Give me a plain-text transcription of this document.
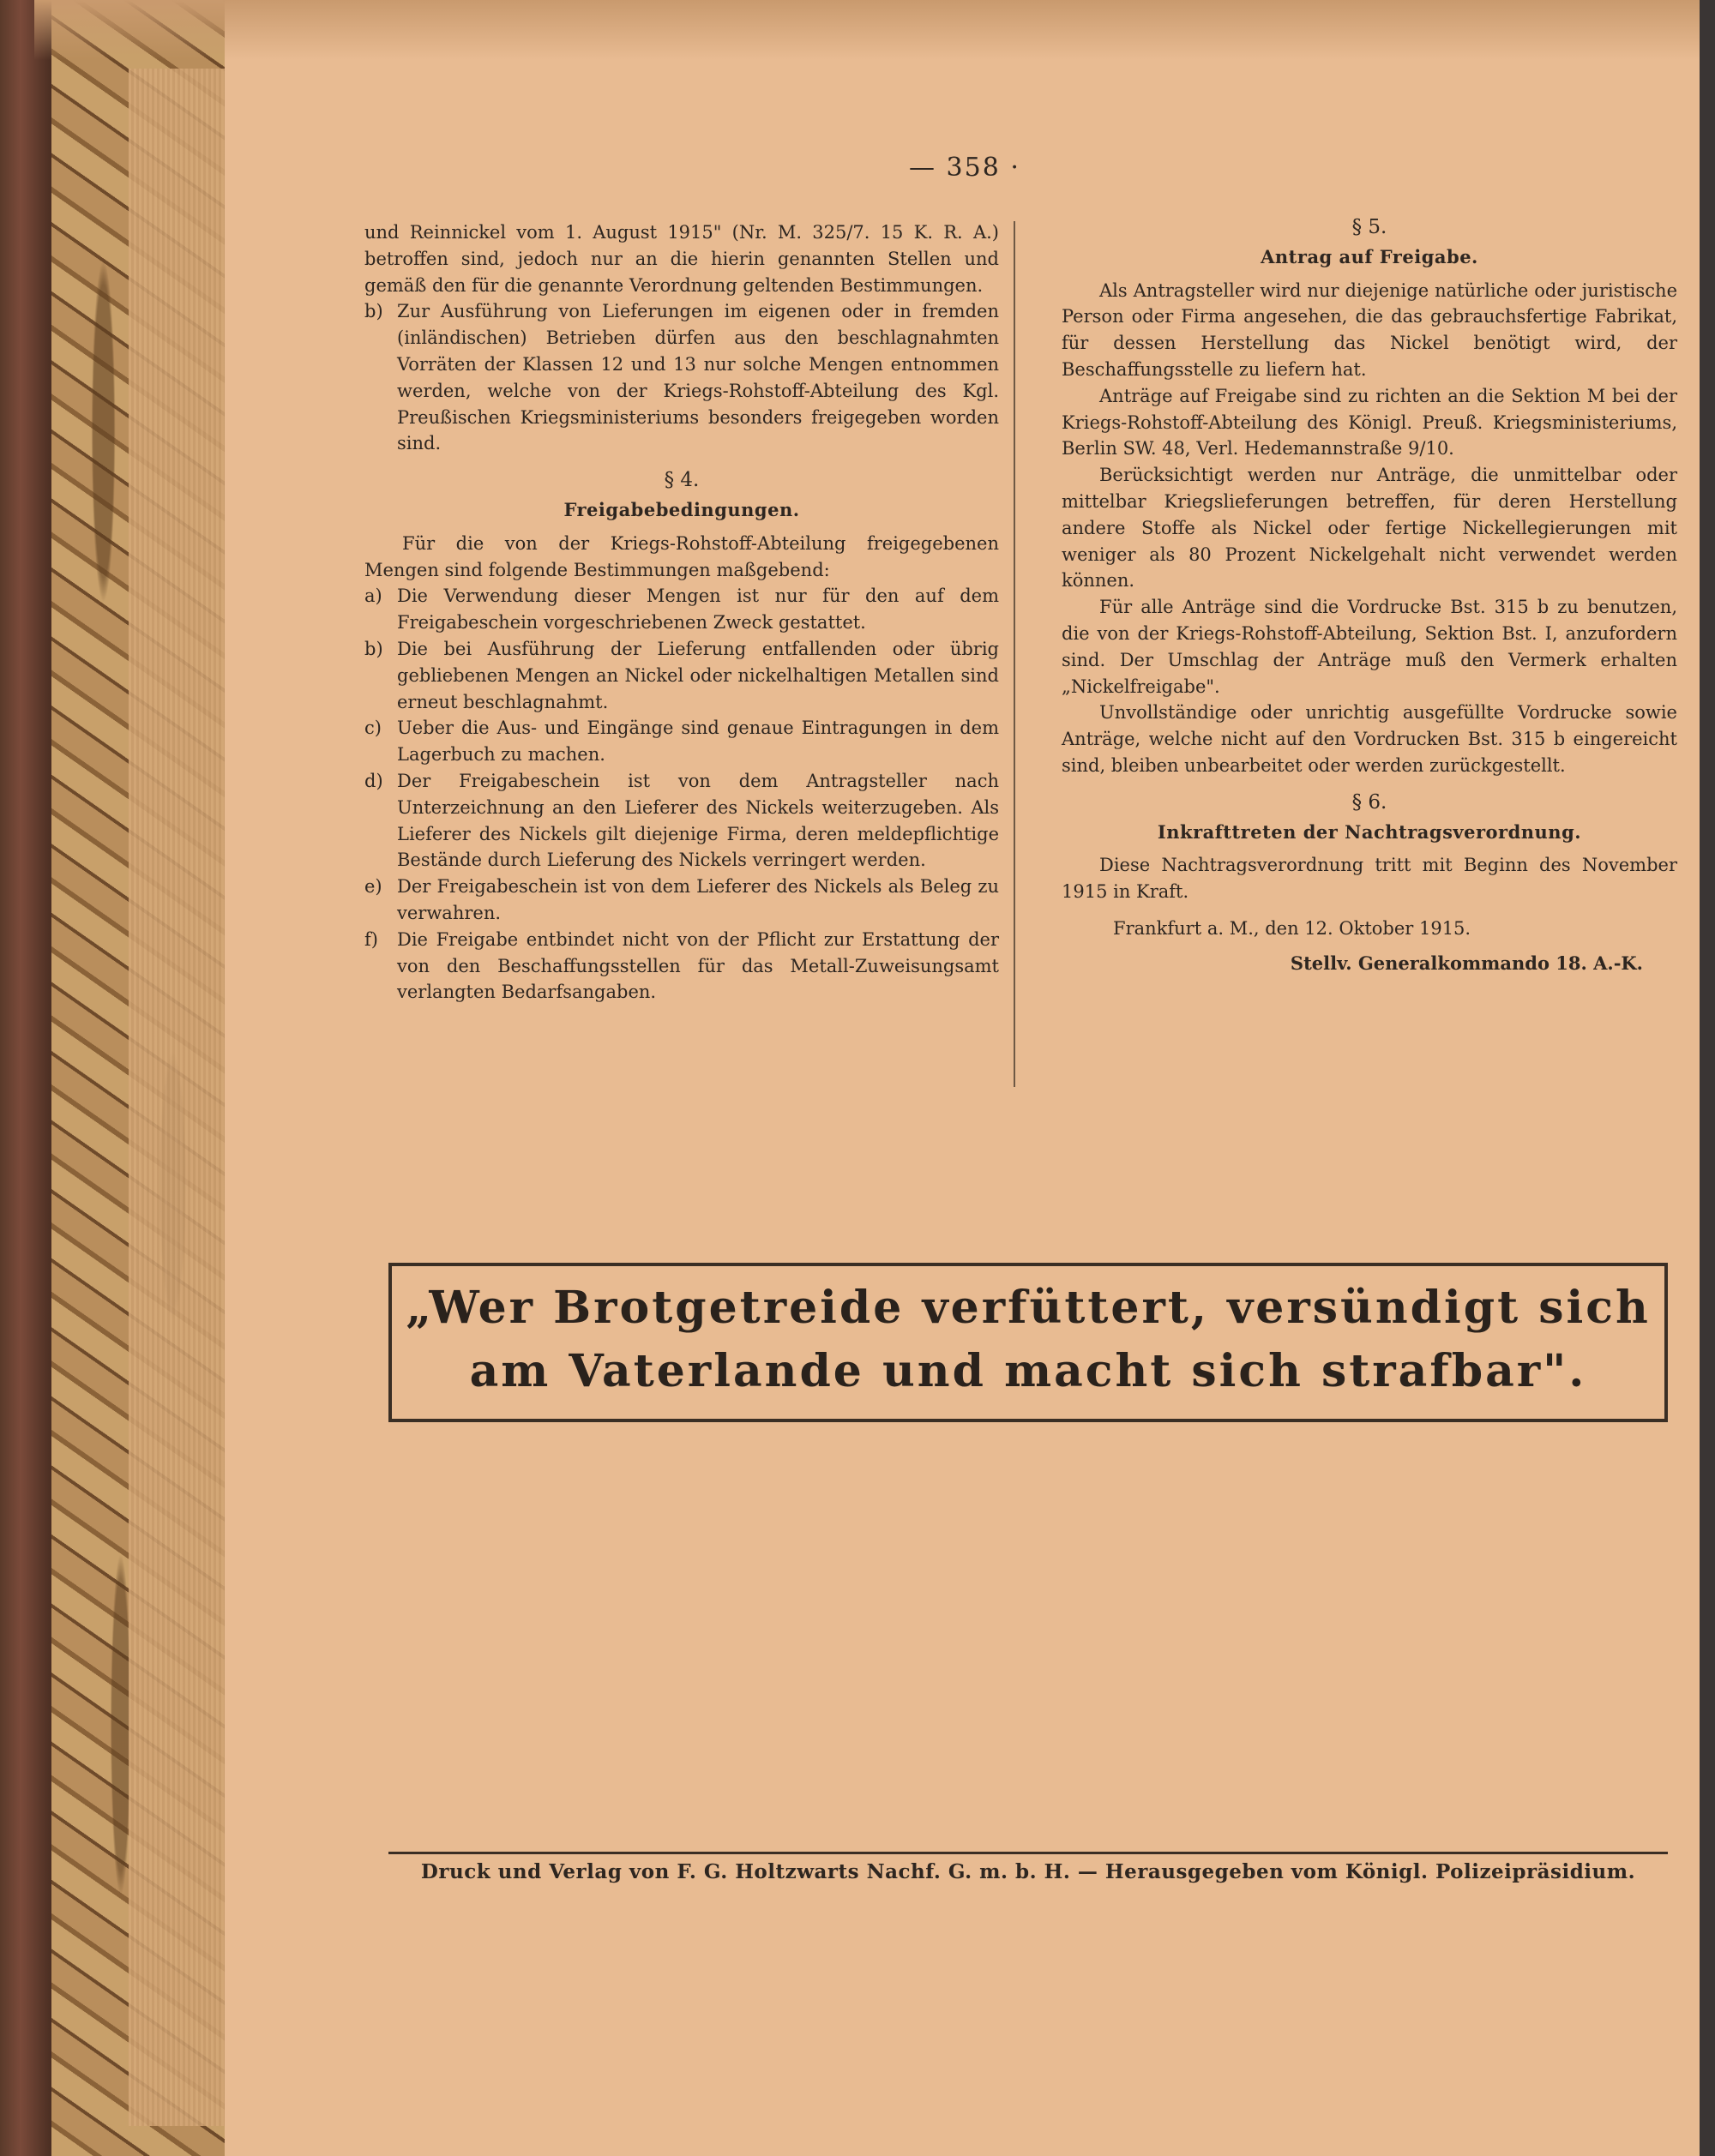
— 358 ·

und Reinnickel vom 1. August 1915" (Nr. M. 325/7. 15 K. R. A.) betroffen sind, jedoch nur an die hierin genannten Stellen und gemäß den für die genannte Verordnung geltenden Bestimmungen.

b) Zur Ausführung von Lieferungen im eigenen oder in fremden (inländischen) Betrieben dürfen aus den beschlagnahmten Vorräten der Klassen 12 und 13 nur solche Mengen entnommen werden, welche von der Kriegs-Rohstoff-Abteilung des Kgl. Preußischen Kriegsministeriums besonders freigegeben worden sind.

§ 4.

Freigabebedingungen.

Für die von der Kriegs-Rohstoff-Abteilung freigegebenen Mengen sind folgende Bestimmungen maßgebend:

a) Die Verwendung dieser Mengen ist nur für den auf dem Freigabeschein vorgeschriebenen Zweck gestattet.
b) Die bei Ausführung der Lieferung entfallenden oder übrig gebliebenen Mengen an Nickel oder nickelhaltigen Metallen sind erneut beschlagnahmt.
c) Ueber die Aus- und Eingänge sind genaue Eintragungen in dem Lagerbuch zu machen.
d) Der Freigabeschein ist von dem Antragsteller nach Unterzeichnung an den Lieferer des Nickels weiterzugeben. Als Lieferer des Nickels gilt diejenige Firma, deren meldepflichtige Bestände durch Lieferung des Nickels verringert werden.
e) Der Freigabeschein ist von dem Lieferer des Nickels als Beleg zu verwahren.
f)	Die Freigabe entbindet nicht von der Pflicht zur Erstattung der von den Beschaffungsstellen für das Metall-Zuweisungsamt verlangten Bedarfsangaben.

§ 5.

Antrag auf Freigabe.

Als Antragsteller wird nur diejenige natürliche oder juristische Person oder Firma angesehen, die das gebrauchsfertige Fabrikat, für dessen Herstellung das Nickel benötigt wird, der Beschaffungsstelle zu liefern hat.

Anträge auf Freigabe sind zu richten an die Sektion M bei der Kriegs-Rohstoff-Abteilung des Königl. Preuß. Kriegsministeriums, Berlin SW. 48, Verl. Hedemannstraße 9/10.

Berücksichtigt werden nur Anträge, die unmittelbar oder mittelbar Kriegslieferungen betreffen, für deren Herstellung andere Stoffe als Nickel oder fertige Nickellegierungen mit weniger als 80 Prozent Nickelgehalt nicht verwendet werden können.

Für alle Anträge sind die Vordrucke Bst. 315 b zu benutzen, die von der Kriegs-Rohstoff-Abteilung, Sektion Bst. I, anzufordern sind. Der Umschlag der Anträge muß den Vermerk erhalten „Nickelfreigabe".

Unvollständige oder unrichtig ausgefüllte Vordrucke sowie Anträge, welche nicht auf den Vordrucken Bst. 315 b eingereicht sind, bleiben unbearbeitet oder werden zurückgestellt.

§ 6.

Inkrafttreten der Nachtragsverordnung.

Diese Nachtragsverordnung tritt mit Beginn des November 1915 in Kraft.

Frankfurt a. M., den 12. Oktober 1915.

Stellv. Generalkommando 18. A.-K.

„Wer Brotgetreide verfüttert, versündigt sich
am Vaterlande und macht sich strafbar".
Druck und Verlag von F. G. Holtzwarts Nachf. G. m. b. H. — Herausgegeben vom Königl. Polizeipräsidium.
